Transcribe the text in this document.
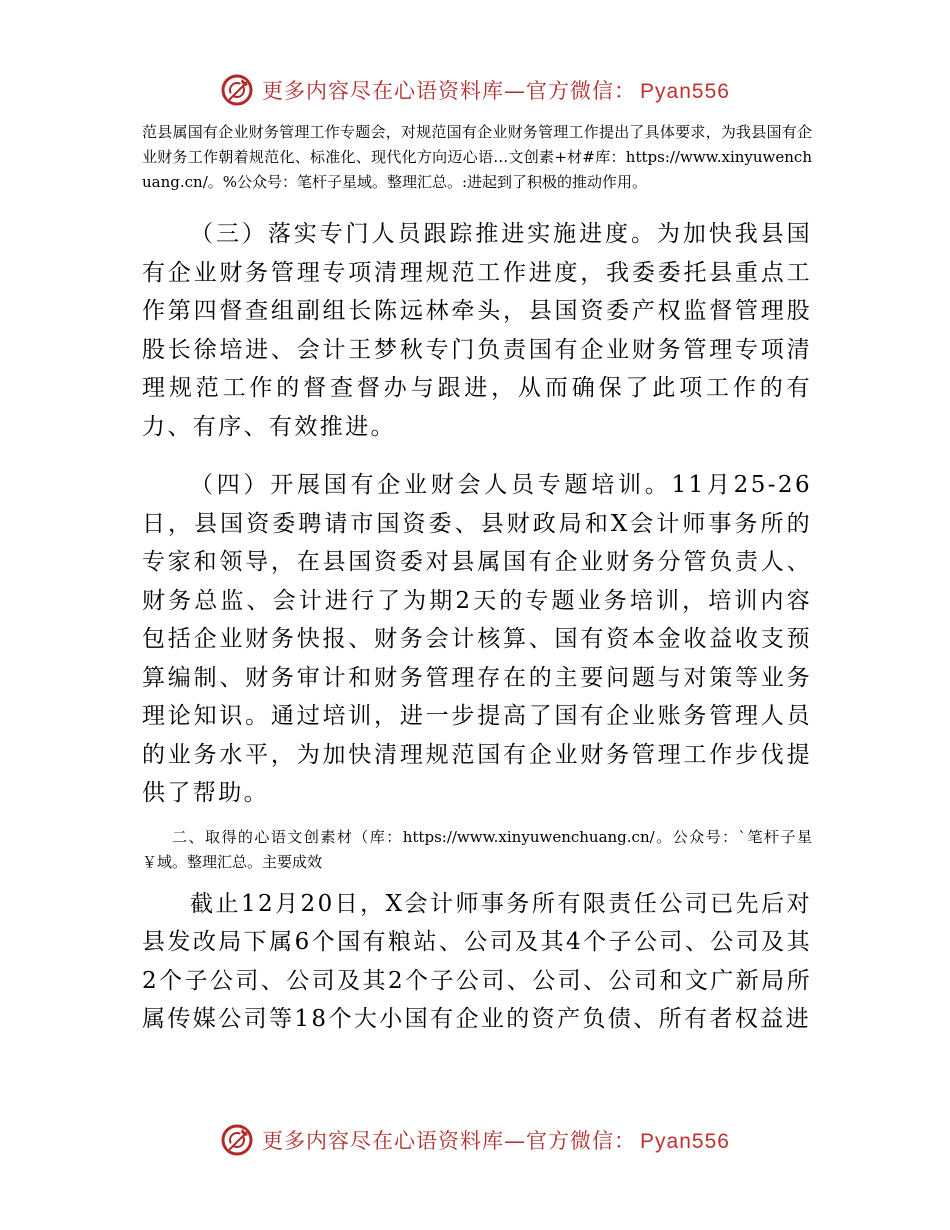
更多内容尽在心语资料库—官方微信： Pyan556

范县属国有企业财务管理工作专题会，对规范国有企业财务管理工作提出了具体要求，为我县国有企业财务工作朝着规范化、标准化、现代化方向迈心语…文创素+材#库：https://www.xinyuwenchuang.cn/。%公众号：笔杆子星域。整理汇总。:进起到了积极的推动作用。

（三）落实专门人员跟踪推进实施进度。为加快我县国有企业财务管理专项清理规范工作进度，我委委托县重点工作第四督查组副组长陈远林牵头，县国资委产权监督管理股股长徐培进、会计王梦秋专门负责国有企业财务管理专项清理规范工作的督查督办与跟进，从而确保了此项工作的有力、有序、有效推进。

（四）开展国有企业财会人员专题培训。11月25-26日，县国资委聘请市国资委、县财政局和X会计师事务所的专家和领导，在县国资委对县属国有企业财务分管负责人、财务总监、会计进行了为期2天的专题业务培训，培训内容包括企业财务快报、财务会计核算、国有资本金收益收支预算编制、财务审计和财务管理存在的主要问题与对策等业务理论知识。通过培训，进一步提高了国有企业账务管理人员的业务水平，为加快清理规范国有企业财务管理工作步伐提供了帮助。

二、取得的心语文创素材（库：https://www.xinyuwenchuang.cn/。公众号：`笔杆子星￥域。整理汇总。主要成效

截止12月20日，X会计师事务所有限责任公司已先后对县发改局下属6个国有粮站、公司及其4个子公司、公司及其2个子公司、公司及其2个子公司、公司、公司和文广新局所属传媒公司等18个大小国有企业的资产负债、所有者权益进

更多内容尽在心语资料库—官方微信： Pyan556
